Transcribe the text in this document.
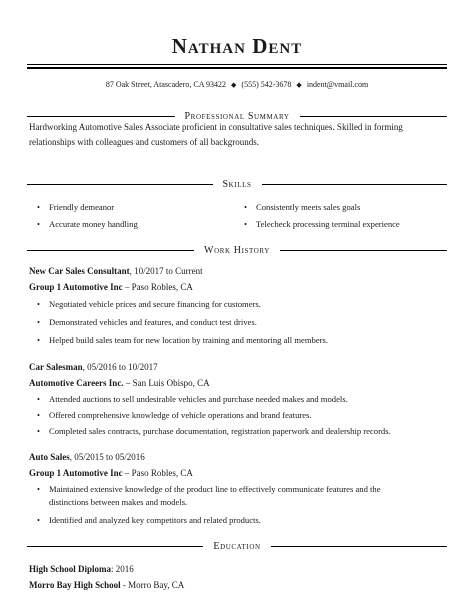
Nathan Dent
87 Oak Street, Atascadero, CA 93422 ◆ (555) 542-3678 ◆ indent@vmail.com
Professional Summary
Hardworking Automotive Sales Associate proficient in consultative sales techniques. Skilled in forming relationships with colleagues and customers of all backgrounds.
Skills
• Friendly demeanor	• Consistently meets sales goals
• Accurate money handling	• Telecheck processing terminal experience
Work History
New Car Sales Consultant, 10/2017 to Current
Group 1 Automotive Inc – Paso Robles, CA
•	Negotiated vehicle prices and secure financing for customers.
•	Demonstrated vehicles and features, and conduct test drives.
•	Helped build sales team for new location by training and mentoring all members.
Car Salesman, 05/2016 to 10/2017
Automotive Careers Inc. – San Luis Obispo, CA
•	Attended auctions to sell undesirable vehicles and purchase needed makes and models.
•	Offered comprehensive knowledge of vehicle operations and brand features.
•	Completed sales contracts, purchase documentation, registration paperwork and dealership records.
Auto Sales, 05/2015 to 05/2016
Group 1 Automotive Inc – Paso Robles, CA
•	Maintained extensive knowledge of the product line to effectively communicate features and the distinctions between makes and models.
•	Identified and analyzed key competitors and related products.
Education
High School Diploma: 2016
Morro Bay High School - Morro Bay, CA
